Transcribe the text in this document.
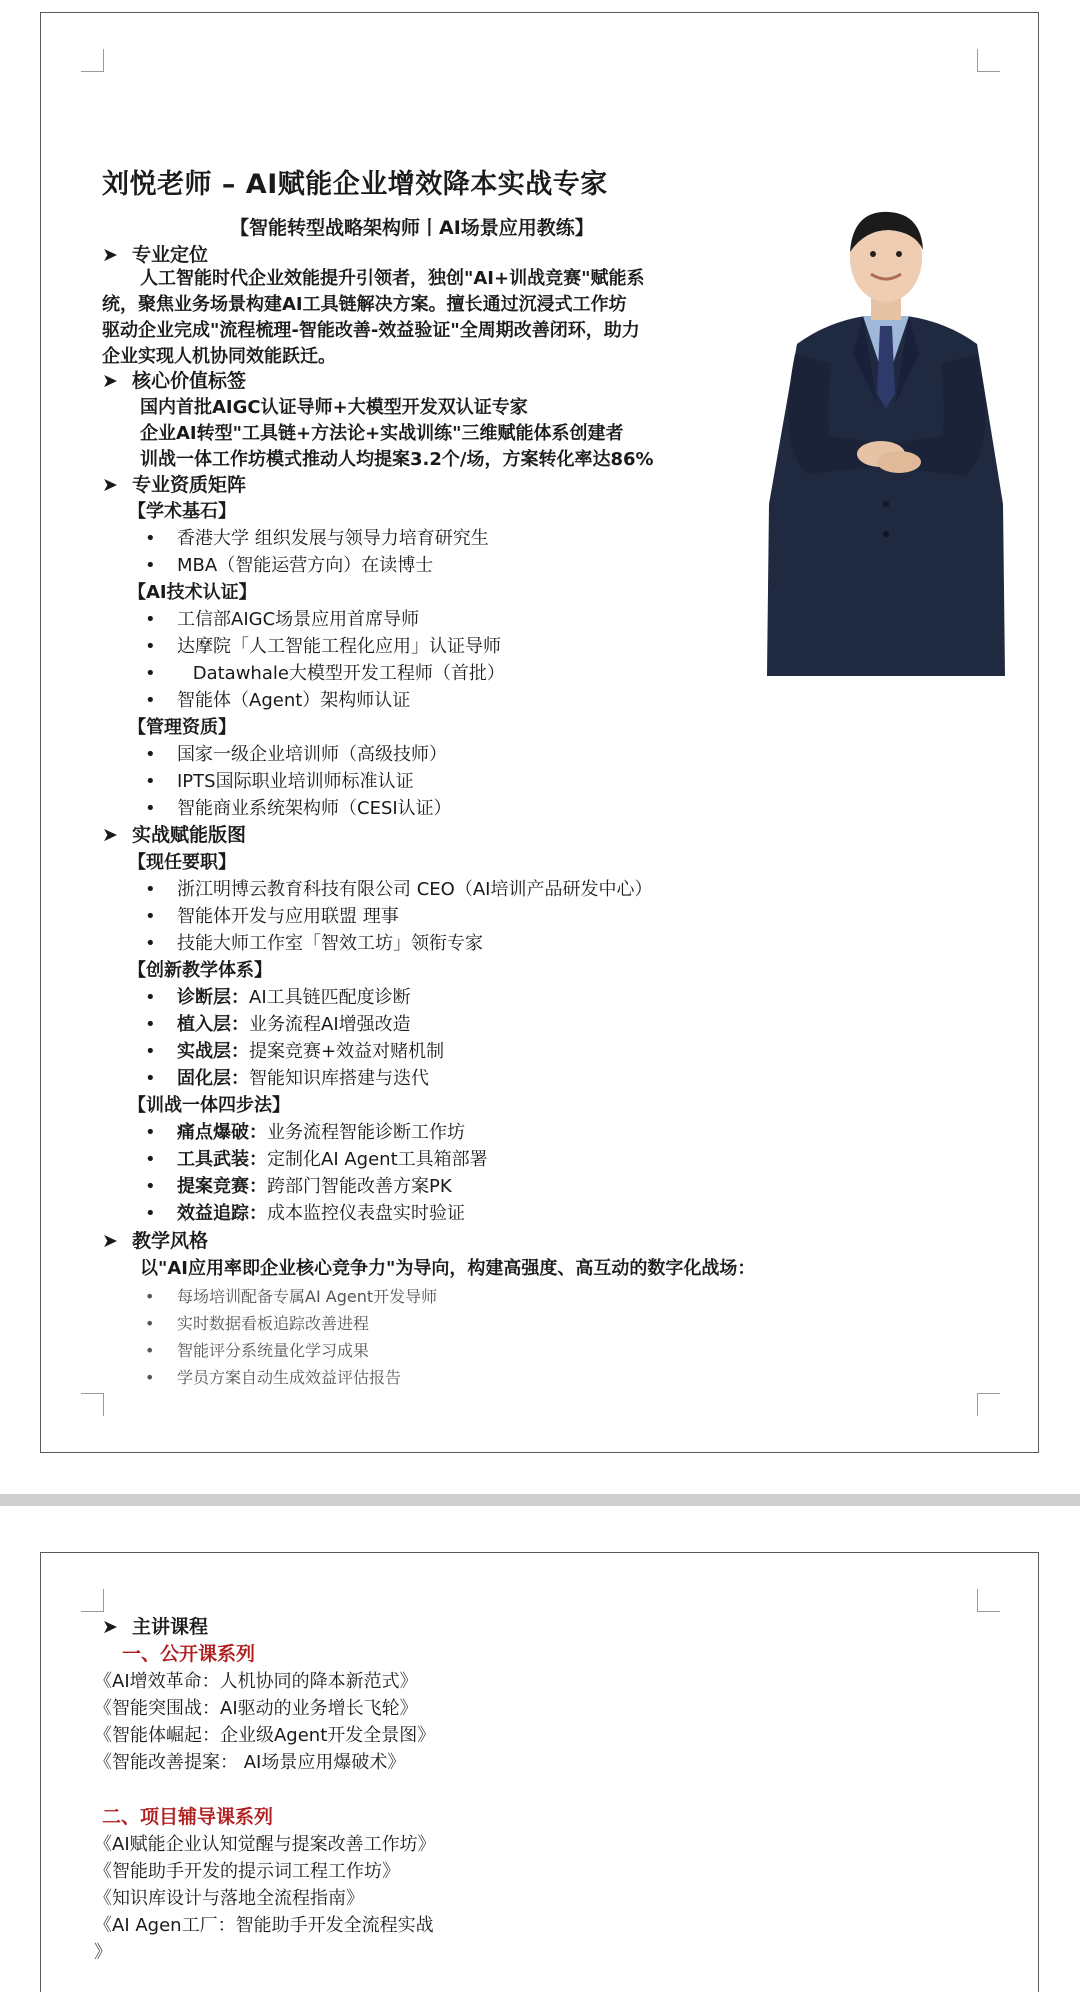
刘悦老师 – AI赋能企业增效降本实战专家
【智能转型战略架构师丨AI场景应用教练】
➤ 专业定位
人工智能时代企业效能提升引领者，独创"AI+训战竞赛"赋能系
统，聚焦业务场景构建AI工具链解决方案。擅长通过沉浸式工作坊
驱动企业完成"流程梳理-智能改善-效益验证"全周期改善闭环，助力
企业实现人机协同效能跃迁。
➤ 核心价值标签
国内首批AIGC认证导师+大模型开发双认证专家
企业AI转型"工具链+方法论+实战训练"三维赋能体系创建者
训战一体工作坊模式推动人均提案3.2个/场，方案转化率达86%
➤ 专业资质矩阵
【学术基石】
• 香港大学 组织发展与领导力培育研究生
• MBA（智能运营方向）在读博士
【AI技术认证】
• 工信部AIGC场景应用首席导师
• 达摩院「人工智能工程化应用」认证导师
• Datawhale大模型开发工程师（首批）
• 智能体（Agent）架构师认证
【管理资质】
• 国家一级企业培训师（高级技师）
• IPTS国际职业培训师标准认证
• 智能商业系统架构师（CESI认证）
➤ 实战赋能版图
【现任要职】
• 浙江明博云教育科技有限公司 CEO（AI培训产品研发中心）
• 智能体开发与应用联盟 理事
• 技能大师工作室「智效工坊」领衔专家
【创新教学体系】
• 诊断层：AI工具链匹配度诊断
• 植入层：业务流程AI增强改造
• 实战层：提案竞赛+效益对赌机制
• 固化层：智能知识库搭建与迭代
【训战一体四步法】
• 痛点爆破：业务流程智能诊断工作坊
• 工具武装：定制化AI Agent工具箱部署
• 提案竞赛：跨部门智能改善方案PK
• 效益追踪：成本监控仪表盘实时验证
➤ 教学风格
以"AI应用率即企业核心竞争力"为导向，构建高强度、高互动的数字化战场：
• 每场培训配备专属AI Agent开发导师
• 实时数据看板追踪改善进程
• 智能评分系统量化学习成果
• 学员方案自动生成效益评估报告
➤ 主讲课程
一、公开课系列
《AI增效革命：人机协同的降本新范式》
《智能突围战：AI驱动的业务增长飞轮》
《智能体崛起：企业级Agent开发全景图》
《智能改善提案： AI场景应用爆破术》
二、项目辅导课系列
《AI赋能企业认知觉醒与提案改善工作坊》
《智能助手开发的提示词工程工作坊》
《知识库设计与落地全流程指南》
《AI Agen工厂：智能助手开发全流程实战
》
